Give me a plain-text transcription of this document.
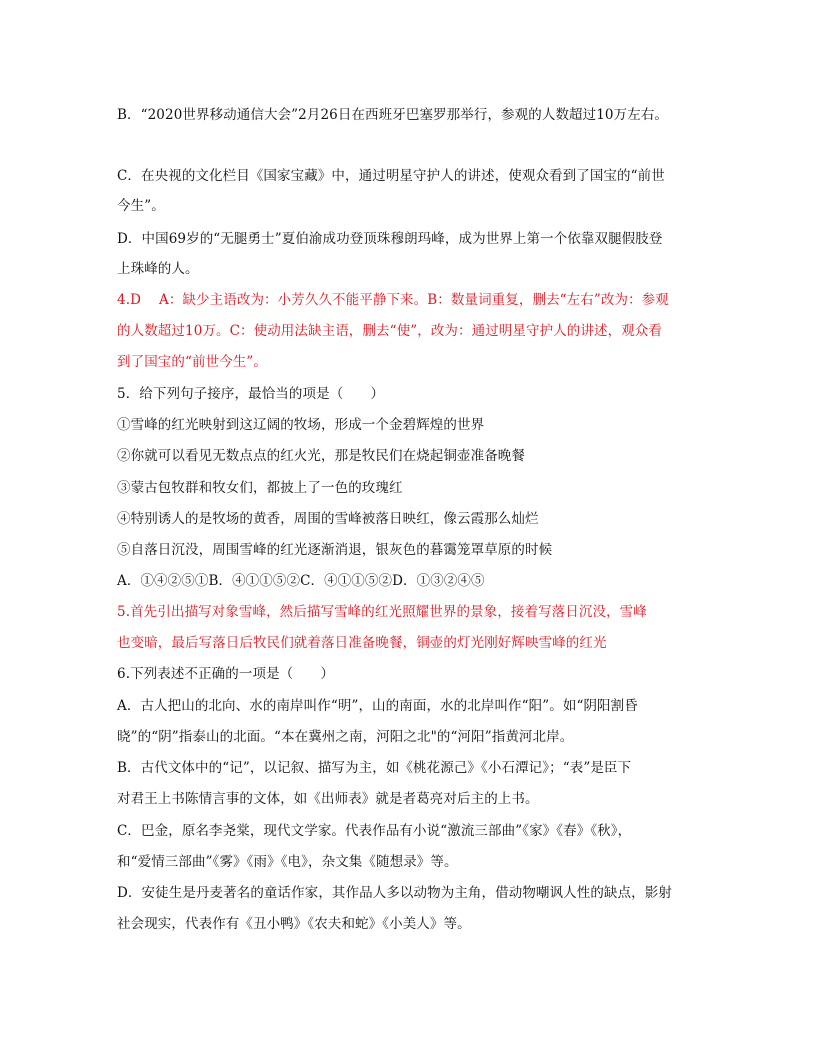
B．“2020世界移动通信大会”2月26日在西班牙巴塞罗那举行，参观的人数超过10万左右。
C．在央视的文化栏目《国家宝藏》中，通过明星守护人的讲述，使观众看到了国宝的“前世
今生”。
D．中国69岁的“无腿勇士”夏伯渝成功登顶珠穆朗玛峰，成为世界上第一个依靠双腿假肢登
上珠峰的人。
4.D　 A：缺少主语改为：小芳久久不能平静下来。B：数量词重复，删去“左右”改为：参观
的人数超过10万。C：使动用法缺主语，删去“使”，改为：通过明星守护人的讲述，观众看
到了国宝的“前世今生”。
5．给下列句子接序，最恰当的项是（　　）
①雪峰的红光映射到这辽阔的牧场，形成一个金碧辉煌的世界
②你就可以看见无数点点的红火光，那是牧民们在烧起铜壶准备晚餐
③蒙古包牧群和牧女们，都披上了一色的玫瑰红
④特别诱人的是牧场的黄香，周围的雪峰被落日映红，像云霞那么灿烂
⑤自落日沉没，周围雪峰的红光逐渐消退，银灰色的暮霭笼罩草原的时候
A．①④②⑤①B．④①①⑤②C．④①①⑤②D．①③②④⑤
5.首先引出描写对象雪峰，然后描写雪峰的红光照耀世界的景象，接着写落日沉没，雪峰
也变暗，最后写落日后牧民们就着落日准备晚餐，铜壶的灯光刚好辉映雪峰的红光
6.下列表述不正确的一项是（　　）
A．古人把山的北向、水的南岸叫作“明”，山的南面，水的北岸叫作“阳”。如“阴阳割昏
晓”的“阴”指泰山的北面。“本在冀州之南，河阳之北"的“河阳”指黄河北岸。
B．古代文体中的“记”，以记叙、描写为主，如《桃花源己》《小石潭记》；“表”是臣下
对君王上书陈情言事的文体，如《出师表》就是者葛亮对后主的上书。
C．巴金，原名李尧棠，现代文学家。代表作品有小说“激流三部曲”《家》《春》《秋》，
和“爱情三部曲”《雾》《雨》《电》，杂文集《随想录》等。
D．安徒生是丹麦著名的童话作家，其作品人多以动物为主角，借动物嘲讽人性的缺点，影射
社会现实，代表作有《丑小鸭》《农夫和蛇》《小美人》等。
